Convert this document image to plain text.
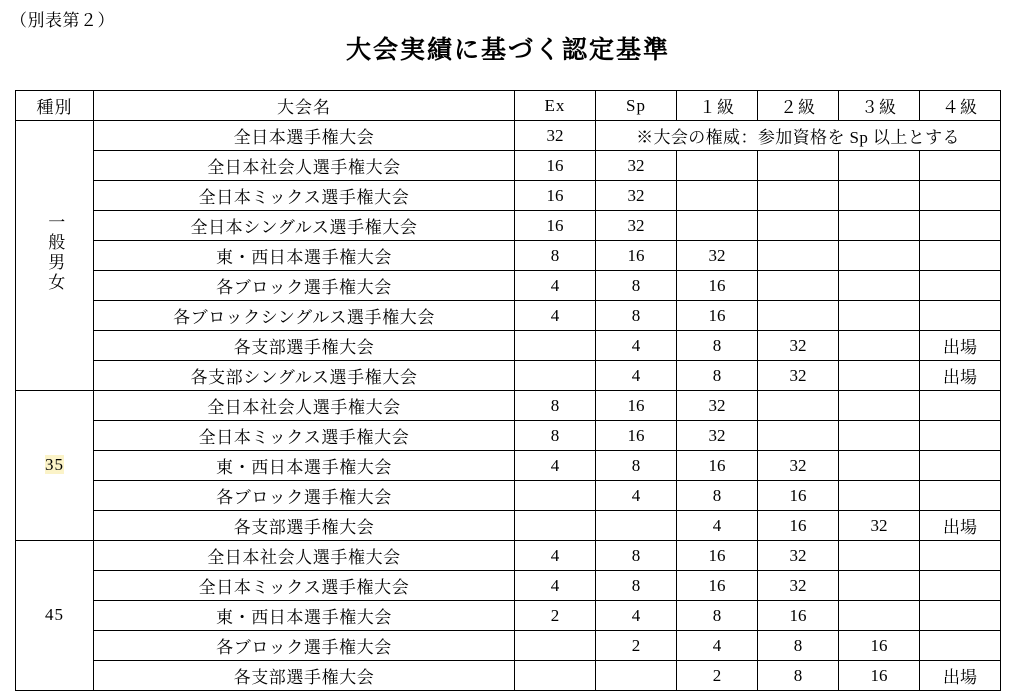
（別表第２）
大会実績に基づく認定基準
種別	大会名	Ex	Sp	１級	２級	３級	４級
一般男女	全日本選手権大会	32	※大会の権威：参加資格を Sp 以上とする				
	全日本社会人選手権大会	16	32				
	全日本ミックス選手権大会	16	32				
	全日本シングルス選手権大会	16	32				
	東・西日本選手権大会	8	16	32			
	各ブロック選手権大会	4	8	16			
	各ブロックシングルス選手権大会	4	8	16			
	各支部選手権大会		4	8	32		出場
	各支部シングルス選手権大会		4	8	32		出場
35	全日本社会人選手権大会	8	16	32			
	全日本ミックス選手権大会	8	16	32			
	東・西日本選手権大会	4	8	16	32		
	各ブロック選手権大会		4	8	16		
	各支部選手権大会			4	16	32	出場
45	全日本社会人選手権大会	4	8	16	32		
	全日本ミックス選手権大会	4	8	16	32		
	東・西日本選手権大会	2	4	8	16		
	各ブロック選手権大会		2	4	8	16	
	各支部選手権大会			2	8	16	出場
